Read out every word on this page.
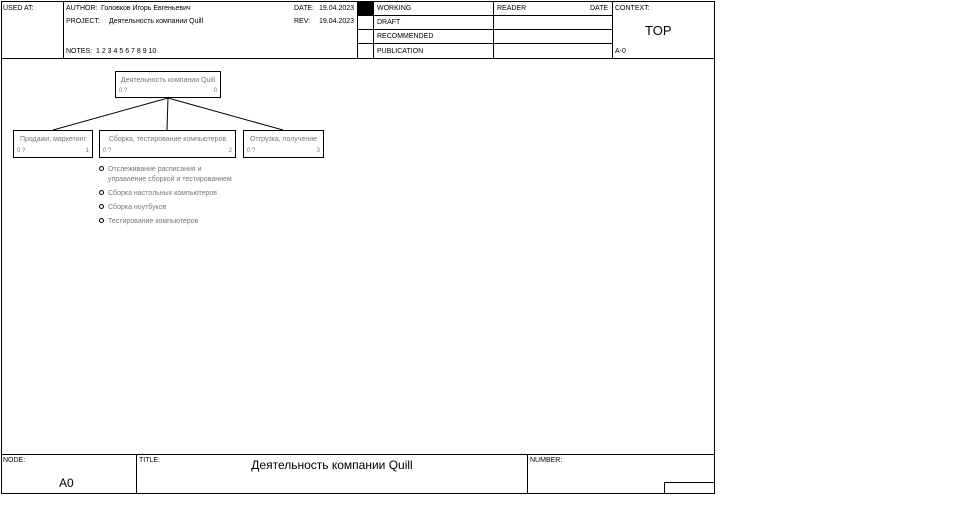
USED AT:	AUTHOR: Головков Игорь Евгеньевич
PROJECT: Деятельность компании Quill
DATE: 19.04.2023
REV: 19.04.2023
NOTES: 1 2 3 4 5 6 7 8 9 10
WORKING
DRAFT
RECOMMENDED
PUBLICATION
READER	DATE CONTEXT:
TOP
A-0
Деятельность компании Quill
0 ?	0
Продажи, маркетинг
0 ?	1
Сборка, тестирование компьютеров
0 ?	2
Отгрузка, получение
0 ?	3
Отслеживание расписания и
управление сборкой и тестированием
Сборка настольных компьютеров
Сборка ноутбуков
Тестирование компьютеров
NODE:
A0
TITLE:	Деятельность компании Quill	NUMBER:
